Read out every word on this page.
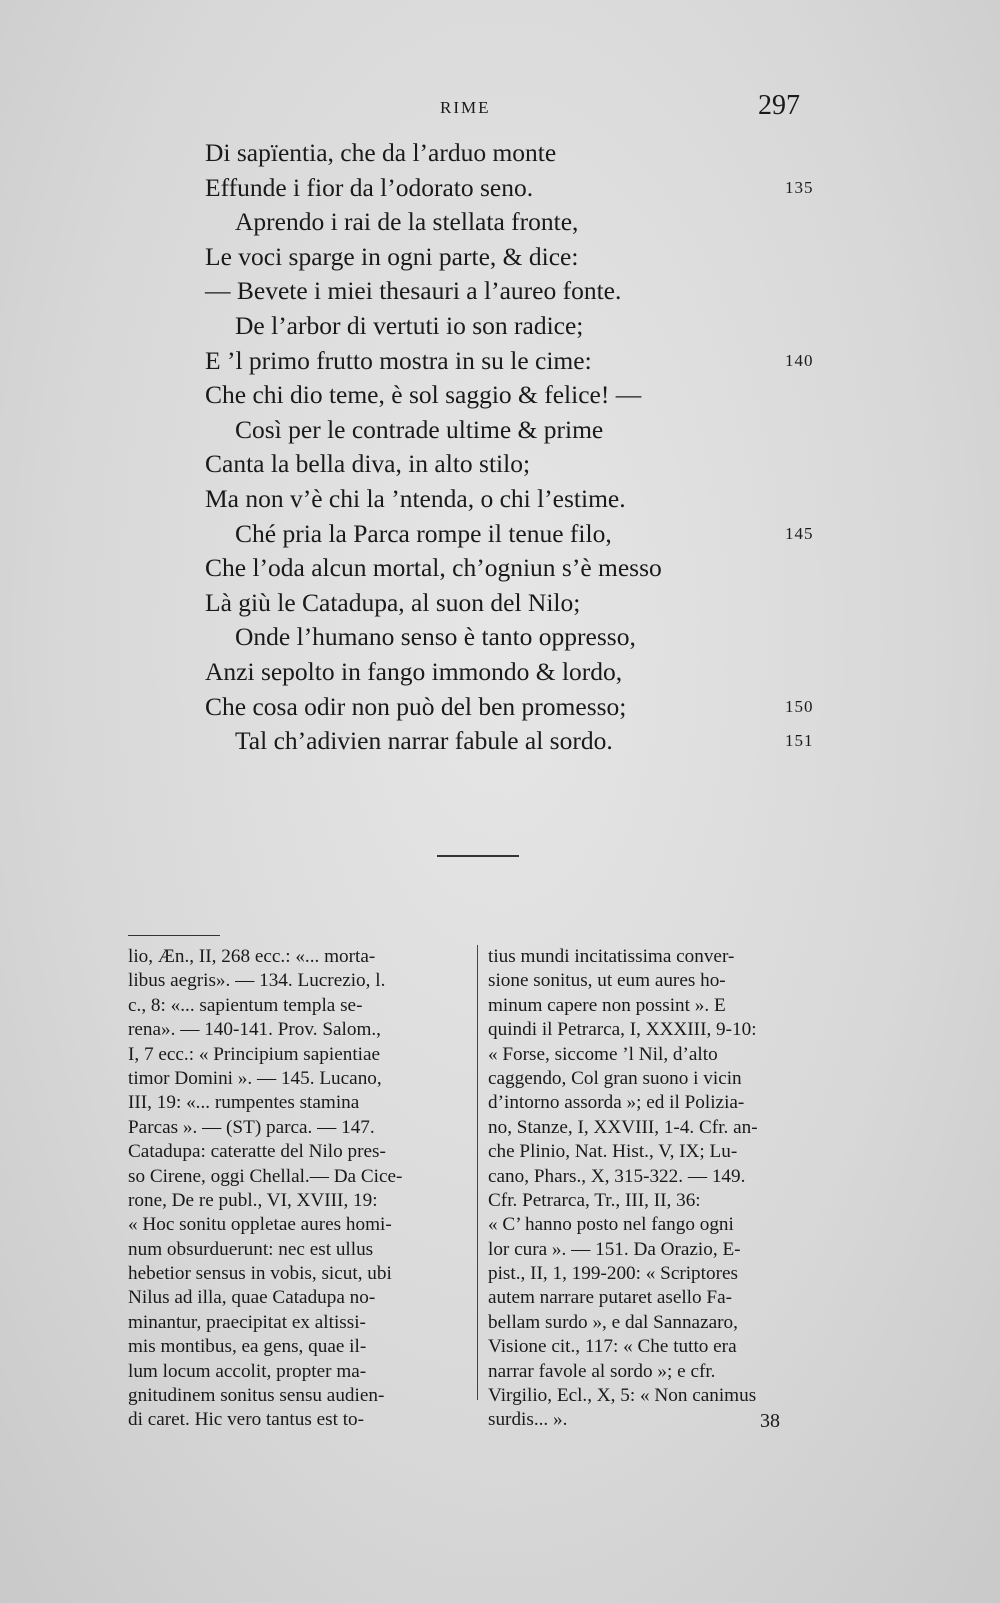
RIME	297
Di sapïentia, che da l’arduo monte
Effunde i fior da l’odorato seno.	135
Aprendo i rai de la stellata fronte,
Le voci sparge in ogni parte, & dice:
— Bevete i miei thesauri a l’aureo fonte.
De l’arbor di vertuti io son radice;
E ’l primo frutto mostra in su le cime:	140
Che chi dio teme, è sol saggio & felice! —
Così per le contrade ultime & prime
Canta la bella diva, in alto stilo;
Ma non v’è chi la ’ntenda, o chi l’estime.
Ché pria la Parca rompe il tenue filo,	145
Che l’oda alcun mortal, ch’ogniun s’è messo
Là giù le Catadupa, al suon del Nilo;
Onde l’humano senso è tanto oppresso,
Anzi sepolto in fango immondo & lordo,
Che cosa odir non può del ben promesso;	150
Tal ch’adivien narrar fabule al sordo.	151
lio, Æn., II, 268 ecc.: «... morta-
libus aegris». — 134. Lucrezio, l.
c., 8: «... sapientum templa se-
rena». — 140-141. Prov. Salom.,
I, 7 ecc.: « Principium sapientiae
timor Domini ». — 145. Lucano,
III, 19: «... rumpentes stamina
Parcas ». — (ST) parca. — 147.
Catadupa: cateratte del Nilo pres-
so Cirene, oggi Chellal.— Da Cice-
rone, De re publ., VI, XVIII, 19:
« Hoc sonitu oppletae aures homi-
num obsurduerunt: nec est ullus
hebetior sensus in vobis, sicut, ubi
Nilus ad illa, quae Catadupa no-
minantur, praecipitat ex altissi-
mis montibus, ea gens, quae il-
lum locum accolit, propter ma-
gnitudinem sonitus sensu audien-
di caret. Hic vero tantus est to-
tius mundi incitatissima conver-
sione sonitus, ut eum aures ho-
minum capere non possint ». E
quindi il Petrarca, I, XXXIII, 9-10:
« Forse, siccome ’l Nil, d’alto
caggendo, Col gran suono i vicin
d’intorno assorda »; ed il Polizia-
no, Stanze, I, XXVIII, 1-4. Cfr. an-
che Plinio, Nat. Hist., V, IX; Lu-
cano, Phars., X, 315-322. — 149.
Cfr. Petrarca, Tr., III, II, 36:
« C’ hanno posto nel fango ogni
lor cura ». — 151. Da Orazio, E-
pist., II, 1, 199-200: « Scriptores
autem narrare putaret asello Fa-
bellam surdo », e dal Sannazaro,
Visione cit., 117: « Che tutto era
narrar favole al sordo »; e cfr.
Virgilio, Ecl., X, 5: « Non canimus
surdis... ».	38
